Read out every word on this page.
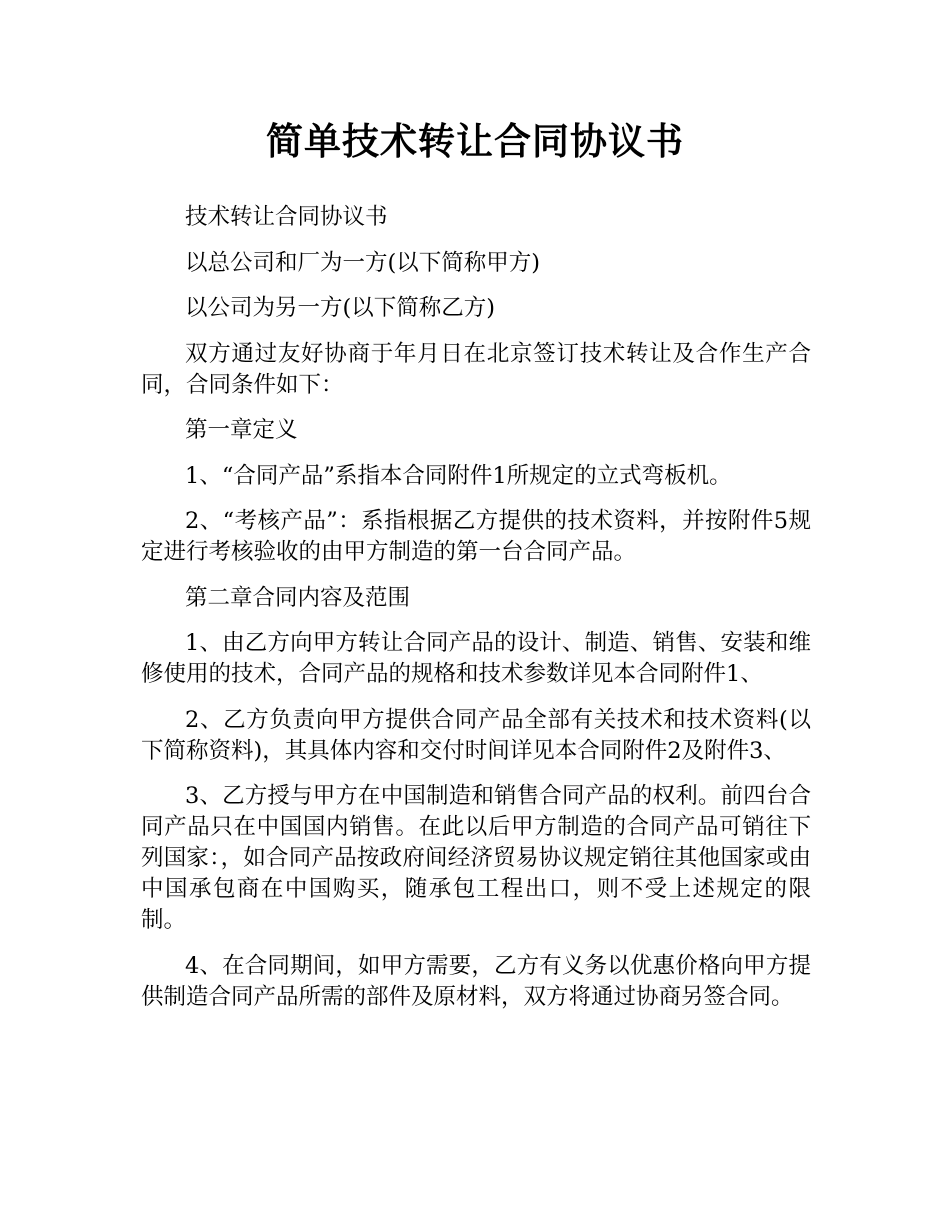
简单技术转让合同协议书

技术转让合同协议书

以总公司和厂为一方(以下简称甲方)

以公司为另一方(以下简称乙方)

双方通过友好协商于年月日在北京签订技术转让及合作生产合同，合同条件如下：

第一章定义

1、“合同产品”系指本合同附件1所规定的立式弯板机。

2、“考核产品”：系指根据乙方提供的技术资料，并按附件5规定进行考核验收的由甲方制造的第一台合同产品。

第二章合同内容及范围

1、由乙方向甲方转让合同产品的设计、制造、销售、安装和维修使用的技术，合同产品的规格和技术参数详见本合同附件1、

2、乙方负责向甲方提供合同产品全部有关技术和技术资料(以下简称资料)，其具体内容和交付时间详见本合同附件2及附件3、

3、乙方授与甲方在中国制造和销售合同产品的权利。前四台合同产品只在中国国内销售。在此以后甲方制造的合同产品可销往下列国家：，如合同产品按政府间经济贸易协议规定销往其他国家或由中国承包商在中国购买，随承包工程出口，则不受上述规定的限制。

4、在合同期间，如甲方需要，乙方有义务以优惠价格向甲方提供制造合同产品所需的部件及原材料，双方将通过协商另签合同。
